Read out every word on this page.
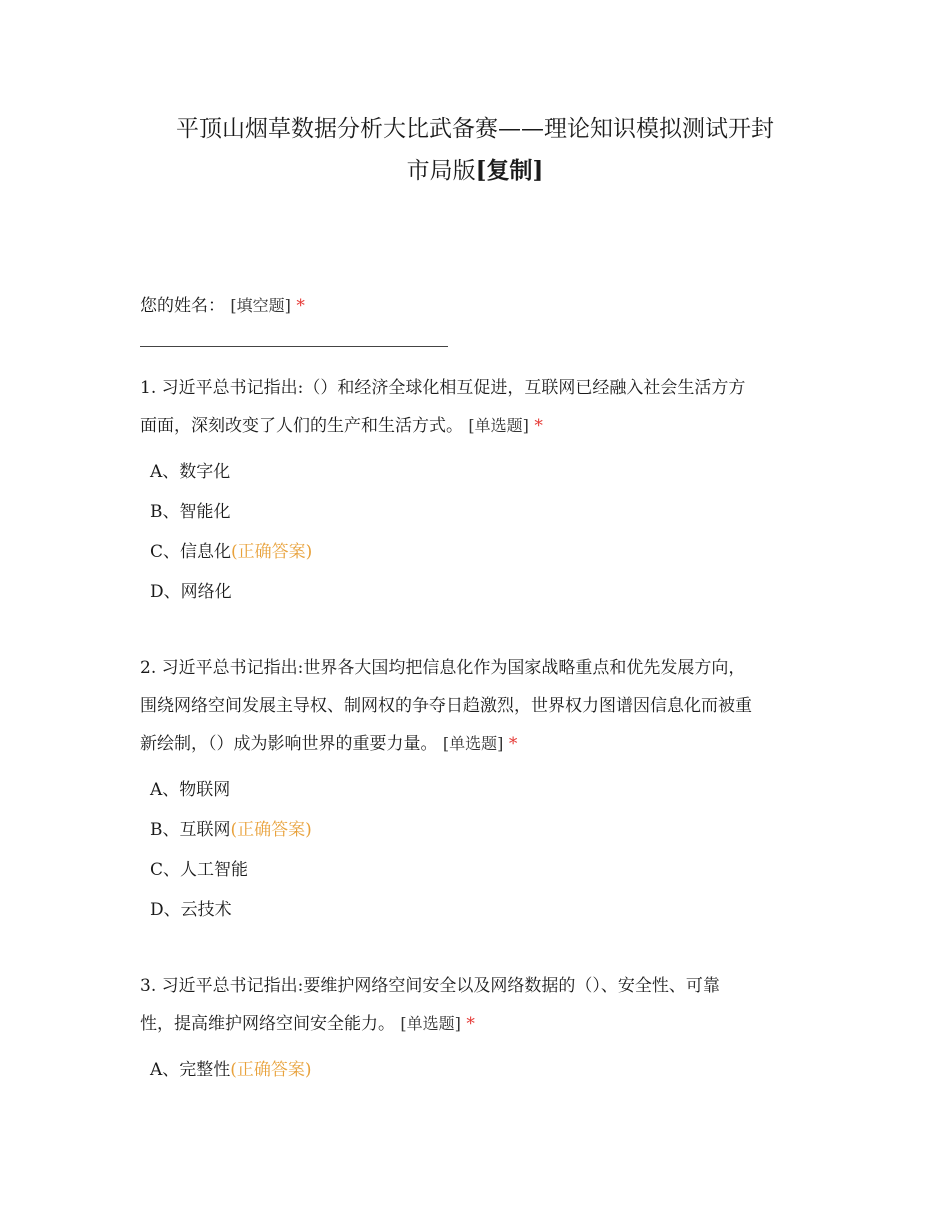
平顶山烟草数据分析大比武备赛——理论知识模拟测试开封
市局版[复制]
您的姓名： [填空题] *
1. 习近平总书记指出:（）和经济全球化相互促进，互联网已经融入社会生活方方
面面，深刻改变了人们的生产和生活方式。 [单选题] *
A、数字化
B、智能化
C、信息化(正确答案)
D、网络化
2. 习近平总书记指出:世界各大国均把信息化作为国家战略重点和优先发展方向，
围绕网络空间发展主导权、制网权的争夺日趋激烈，世界权力图谱因信息化而被重
新绘制，（）成为影响世界的重要力量。 [单选题] *
A、物联网
B、互联网(正确答案)
C、人工智能
D、云技术
3. 习近平总书记指出:要维护网络空间安全以及网络数据的（）、安全性、可靠
性，提高维护网络空间安全能力。 [单选题] *
A、完整性(正确答案)
